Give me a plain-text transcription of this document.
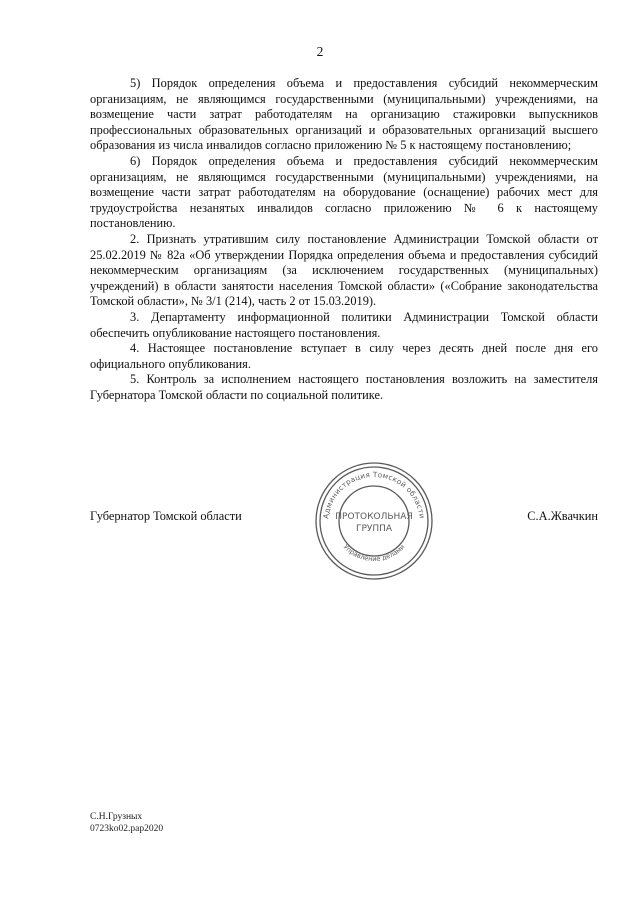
2

5) Порядок определения объема и предоставления субсидий некоммерческим организациям, не являющимся государственными (муниципальными) учреждениями, на возмещение части затрат работодателям на организацию стажировки выпускников профессиональных образовательных организаций и образовательных организаций высшего образования из числа инвалидов согласно приложению № 5 к настоящему постановлению;

6) Порядок определения объема и предоставления субсидий некоммерческим организациям, не являющимся государственными (муниципальными) учреждениями, на возмещение части затрат работодателям на оборудование (оснащение) рабочих мест для трудоустройства незанятых инвалидов согласно приложению № 6 к настоящему постановлению.

2. Признать утратившим силу постановление Администрации Томской области от 25.02.2019 № 82а «Об утверждении Порядка определения объема и предоставления субсидий некоммерческим организациям (за исключением государственных (муниципальных) учреждений) в области занятости населения Томской области» («Собрание законодательства Томской области», № 3/1 (214), часть 2 от 15.03.2019).

3. Департаменту информационной политики Администрации Томской области обеспечить опубликование настоящего постановления.

4. Настоящее постановление вступает в силу через десять дней после дня его официального опубликования.

5. Контроль за исполнением настоящего постановления возложить на заместителя Губернатора Томской области по социальной политике.

Губернатор Томской области	С.А.Жвачкин
Администрация Томской области
Управление делами
ПРОТОКОЛЬНАЯ
ГРУППА
С.Н.Грузных
0723ko02.pap2020
